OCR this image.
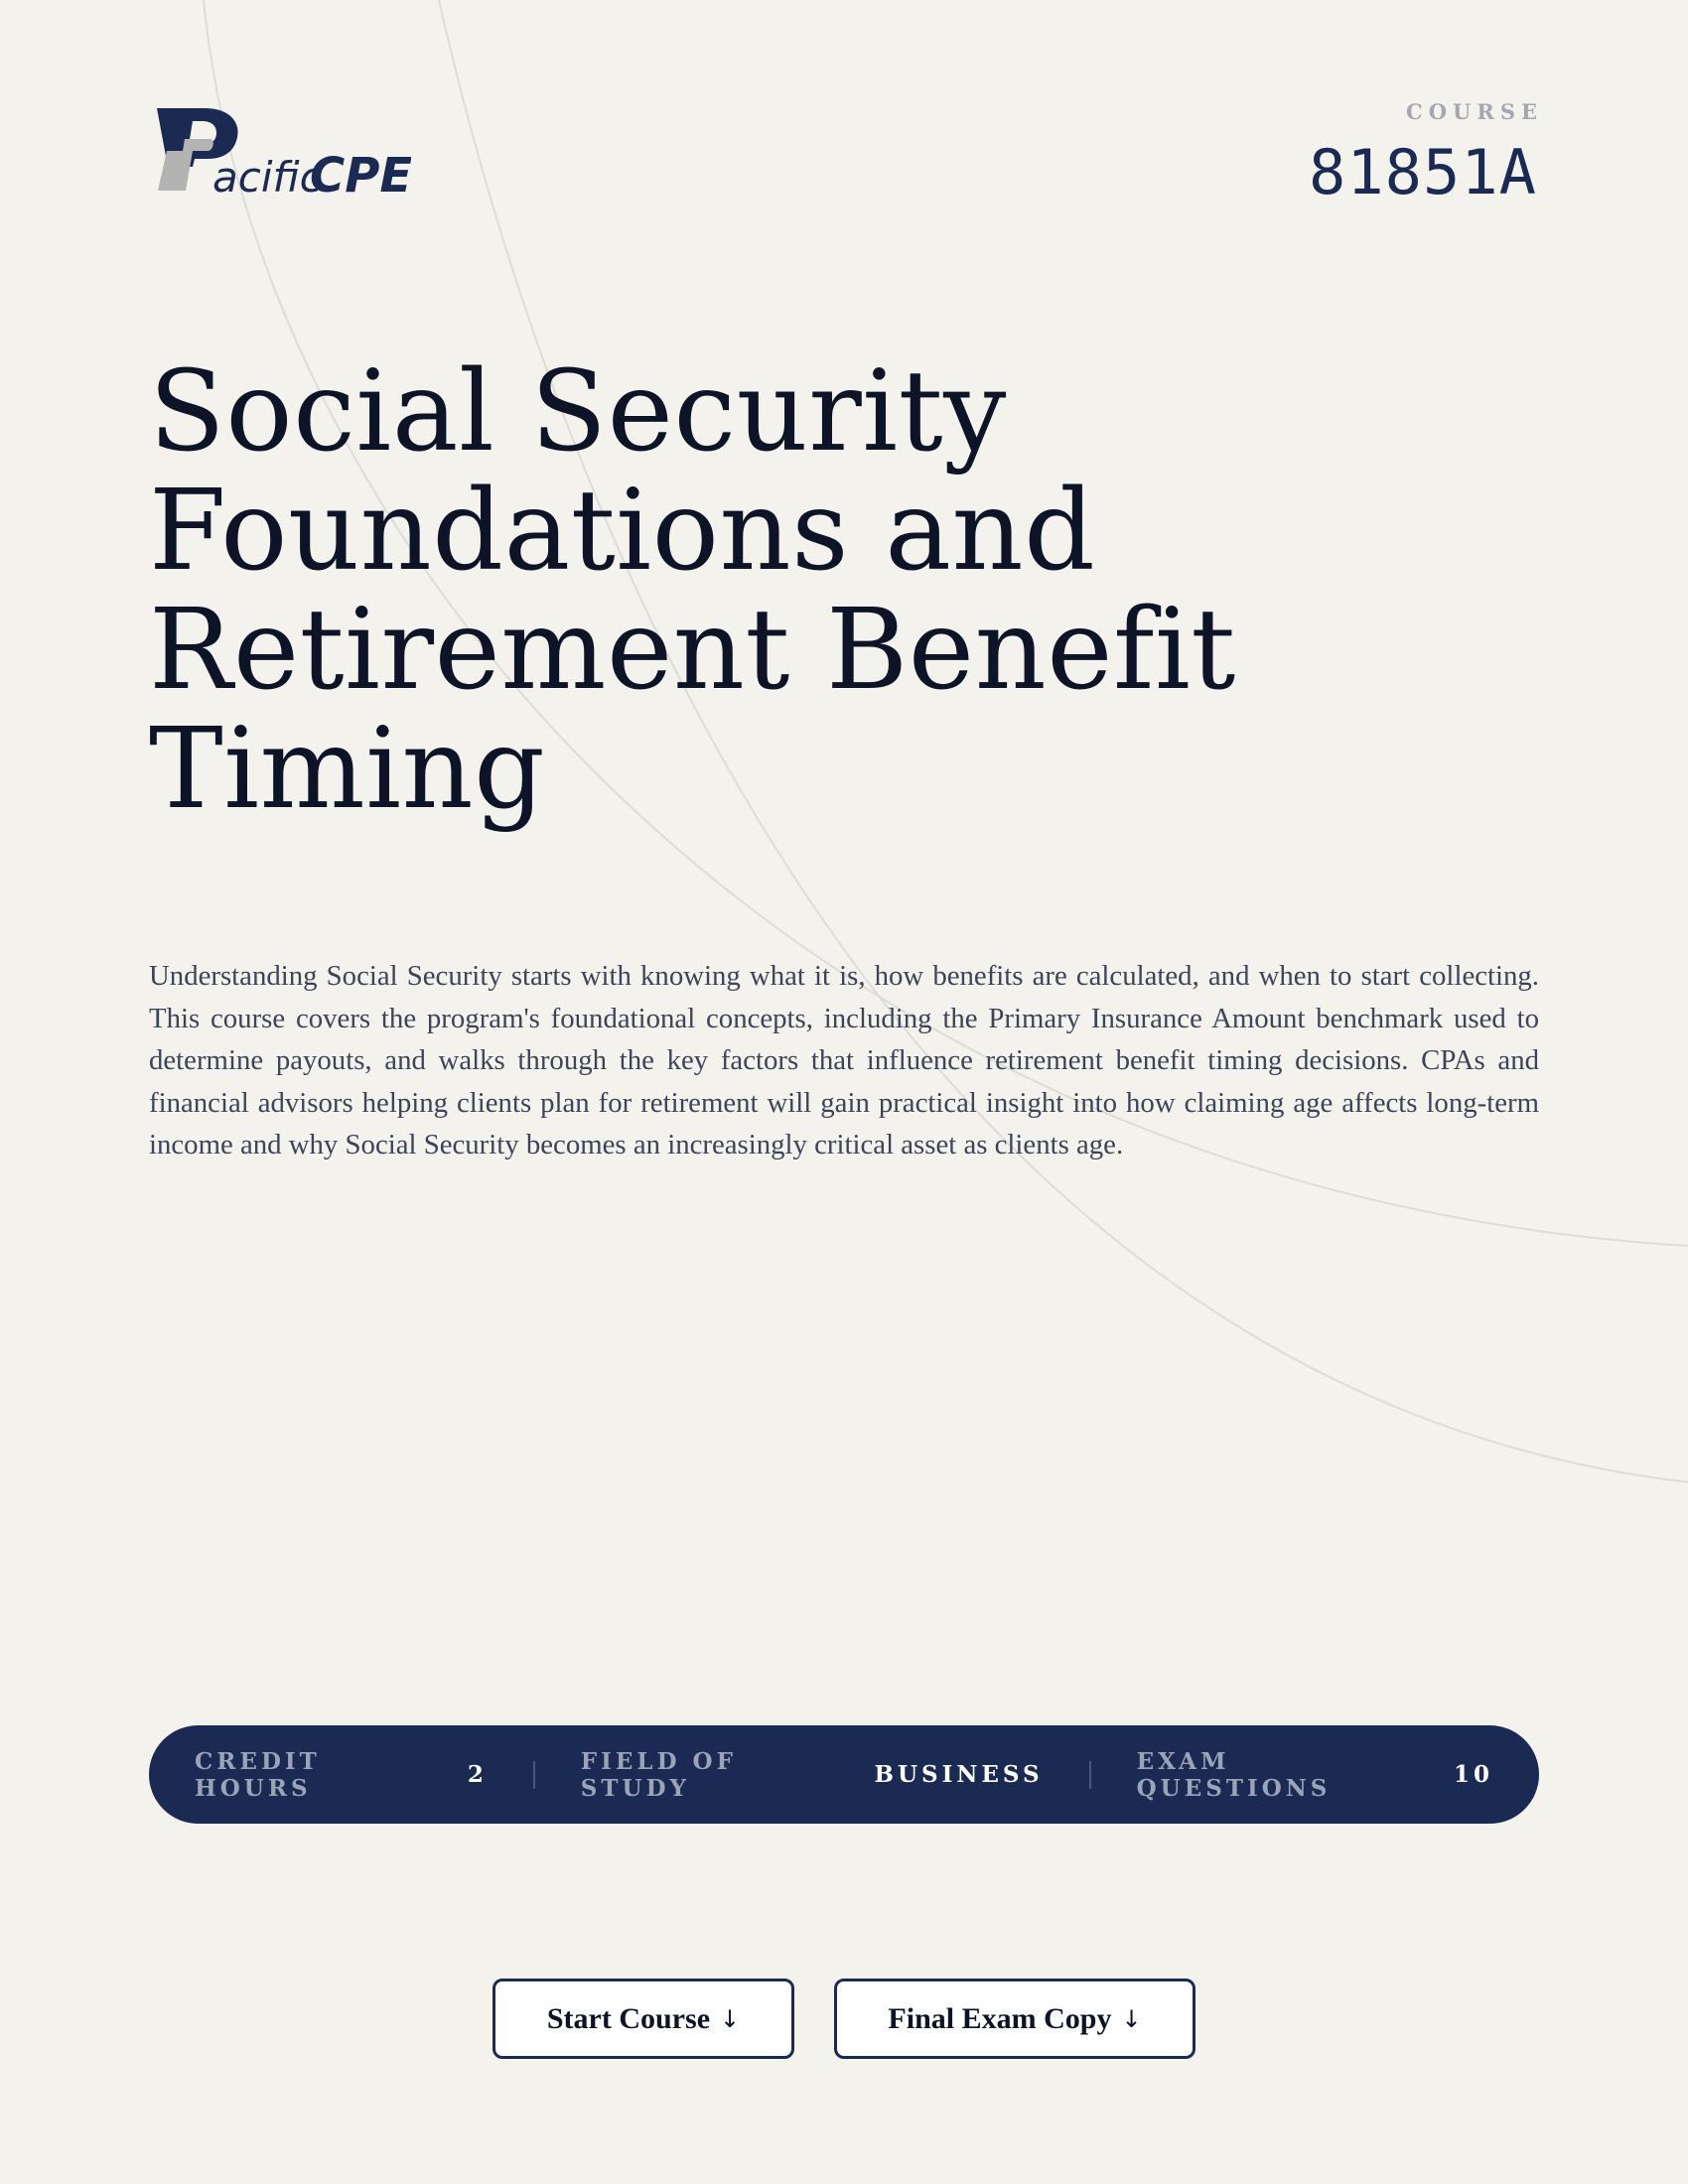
acific
CPE
COURSE
81851A
Social Security
Foundations and
Retirement Benefit
Timing

Understanding Social Security starts with knowing what it is, how benefits are calculated, and when to start collecting. This course covers the program's foundational concepts, including the Primary Insurance Amount benchmark used to determine payouts, and walks through the key factors that influence retirement benefit timing decisions. CPAs and financial advisors helping clients plan for retirement will gain practical insight into how claiming age affects long-term income and why Social Security becomes an increasingly critical asset as clients age.

CREDIT HOURS	2	FIELD OF STUDY	BUSINESS	EXAM QUESTIONS	10
Start Course ↓	Final Exam Copy ↓
